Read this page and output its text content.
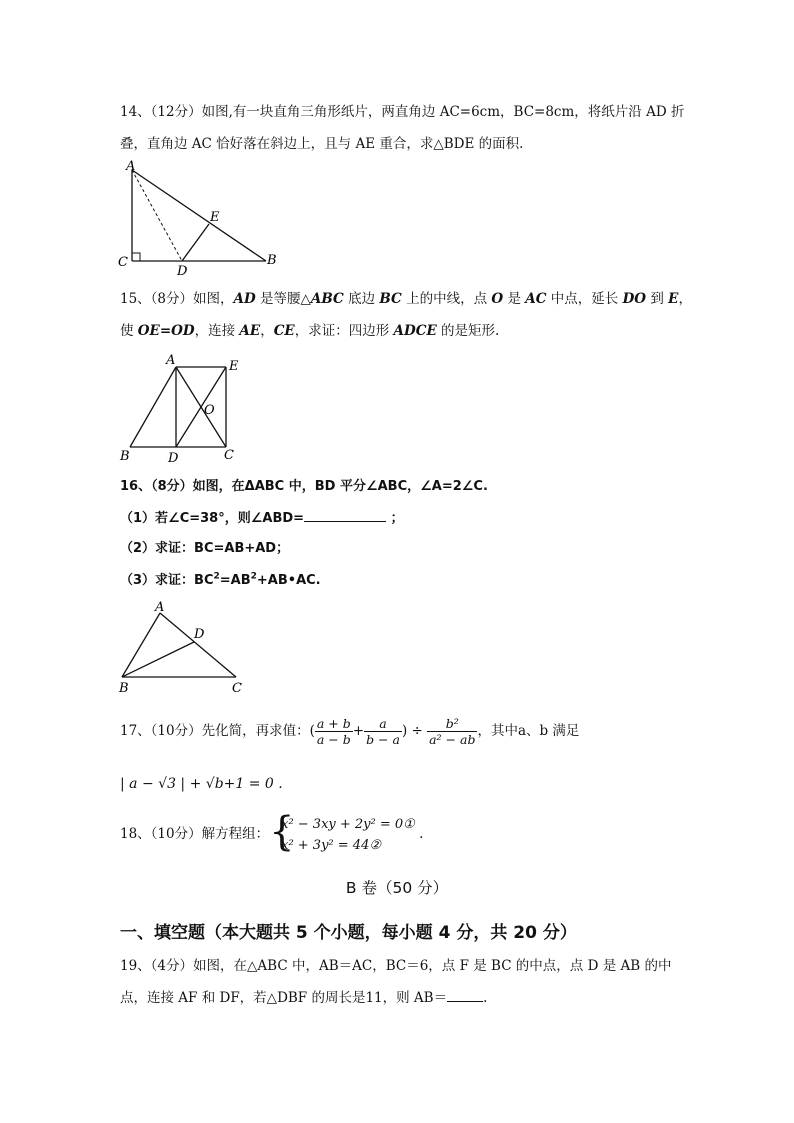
14、（12分）如图,有一块直角三角形纸片，两直角边 AC=6cm，BC=8cm，将纸片沿 AD 折
叠，直角边 AC 恰好落在斜边上，且与 AE 重合，求△BDE 的面积.
A
E
C
D
B
15、（8分）如图，AD 是等腰△ABC 底边 BC 上的中线，点 O 是 AC 中点，延长 DO 到 E，
使 OE=OD，连接 AE，CE，求证：四边形 ADCE 的是矩形.
A	E
O
B	D	C
16、（8分）如图，在ΔABC 中，BD 平分∠ABC，∠A=2∠C.
（1）若∠C=38°，则∠ABD=	；
（2）求证：BC=AB+AD；
（3）求证：$BC^2=AB^2+AB•AC$.
A
D
B	C
17、（10分）先化简，再求值：( $\frac{a + b}{a - b} + \frac{a}{b - a}$ ) ÷ $\frac{\text{b²}}{\text{a² − ab}}$ ，其中a、b 满足
| a − √3 | + √b+1 = 0 .
18、（10分）解方程组： {
x² − 3xy + 2y² = 0①
x² + 3y² = 44②
.
B 卷（50 分）
一、填空题（本大题共 5 个小题，每小题 4 分，共 20 分）
19、（4分）如图，在△ABC 中，AB＝AC，BC＝6，点 F 是 BC 的中点，点 D 是 AB 的中
点，连接 AF 和 DF，若△DBF 的周长是11，则 AB＝	.
